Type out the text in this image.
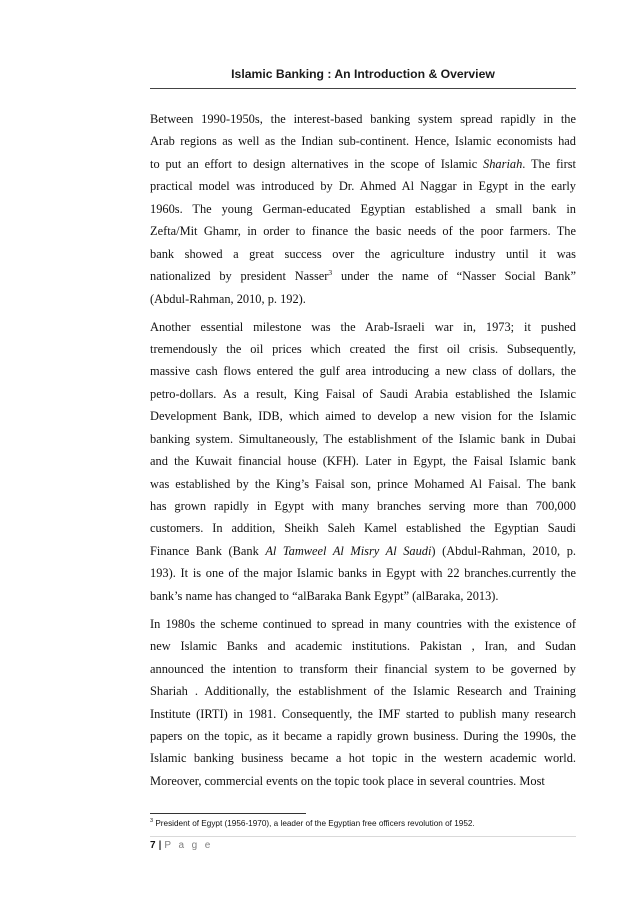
Islamic Banking : An Introduction & Overview

Between 1990-1950s, the interest-based banking system spread rapidly in the
Arab regions as well as the Indian sub-continent. Hence, Islamic economists had
to put an effort to design alternatives in the scope of Islamic Shariah. The first
practical model was introduced by Dr. Ahmed Al Naggar in Egypt in the early
1960s. The young German-educated Egyptian established a small bank in
Zefta/Mit Ghamr, in order to finance the basic needs of the poor farmers. The
bank showed a great success over the agriculture industry until it was
nationalized by president Nasser$^3$ under the name of “Nasser Social Bank”
(Abdul-Rahman, 2010, p. 192).

Another essential milestone was the Arab-Israeli war in, 1973; it pushed
tremendously the oil prices which created the first oil crisis. Subsequently,
massive cash flows entered the gulf area introducing a new class of dollars, the
petro-dollars. As a result, King Faisal of Saudi Arabia established the Islamic
Development Bank, IDB, which aimed to develop a new vision for the Islamic
banking system. Simultaneously, The establishment of the Islamic bank in Dubai
and the Kuwait financial house (KFH). Later in Egypt, the Faisal Islamic bank
was established by the King’s Faisal son, prince Mohamed Al Faisal. The bank
has grown rapidly in Egypt with many branches serving more than 700,000
customers. In addition, Sheikh Saleh Kamel established the Egyptian Saudi
Finance Bank (Bank Al Tamweel Al Misry Al Saudi) (Abdul-Rahman, 2010, p.
193). It is one of the major Islamic banks in Egypt with 22 branches.currently the
bank’s name has changed to “alBaraka Bank Egypt” (alBaraka, 2013).

In 1980s the scheme continued to spread in many countries with the existence of
new Islamic Banks and academic institutions. Pakistan , Iran, and Sudan
announced the intention to transform their financial system to be governed by
Shariah . Additionally, the establishment of the Islamic Research and Training
Institute (IRTI) in 1981. Consequently, the IMF started to publish many research
papers on the topic, as it became a rapidly grown business. During the 1990s, the
Islamic banking business became a hot topic in the western academic world.
Moreover, commercial events on the topic took place in several countries. Most

$^3$ President of Egypt (1956-1970), a leader of the Egyptian free officers revolution of 1952.
7 | P a g e
